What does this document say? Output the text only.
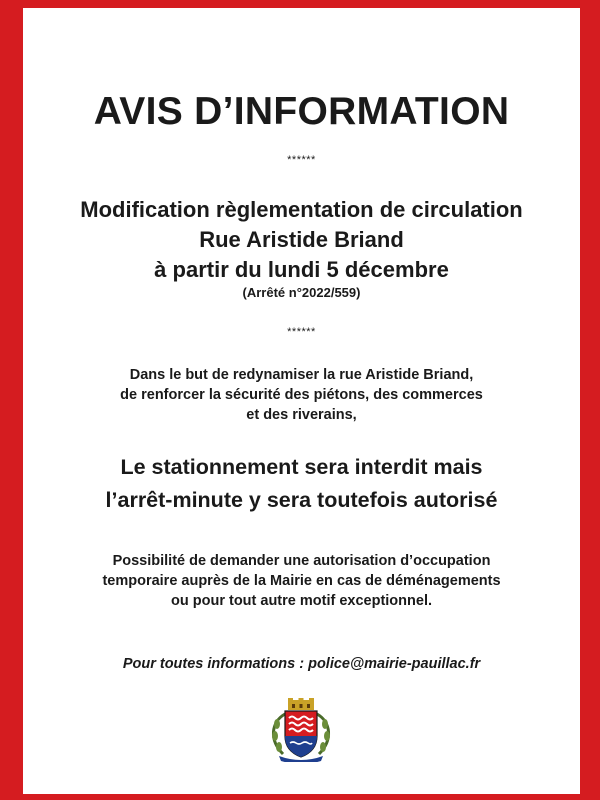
AVIS D’INFORMATION
******
Modification règlementation de circulation
Rue Aristide Briand
à partir du lundi 5 décembre
(Arrêté n°2022/559)
******
Dans le but de redynamiser la rue Aristide Briand,
de renforcer la sécurité des piétons, des commerces
et des riverains,
Le stationnement sera interdit mais
l’arrêt-minute y sera toutefois autorisé
Possibilité de demander une autorisation d’occupation
temporaire auprès de la Mairie en cas de déménagements
ou pour tout autre motif exceptionnel.
Pour toutes informations : police@mairie-pauillac.fr
